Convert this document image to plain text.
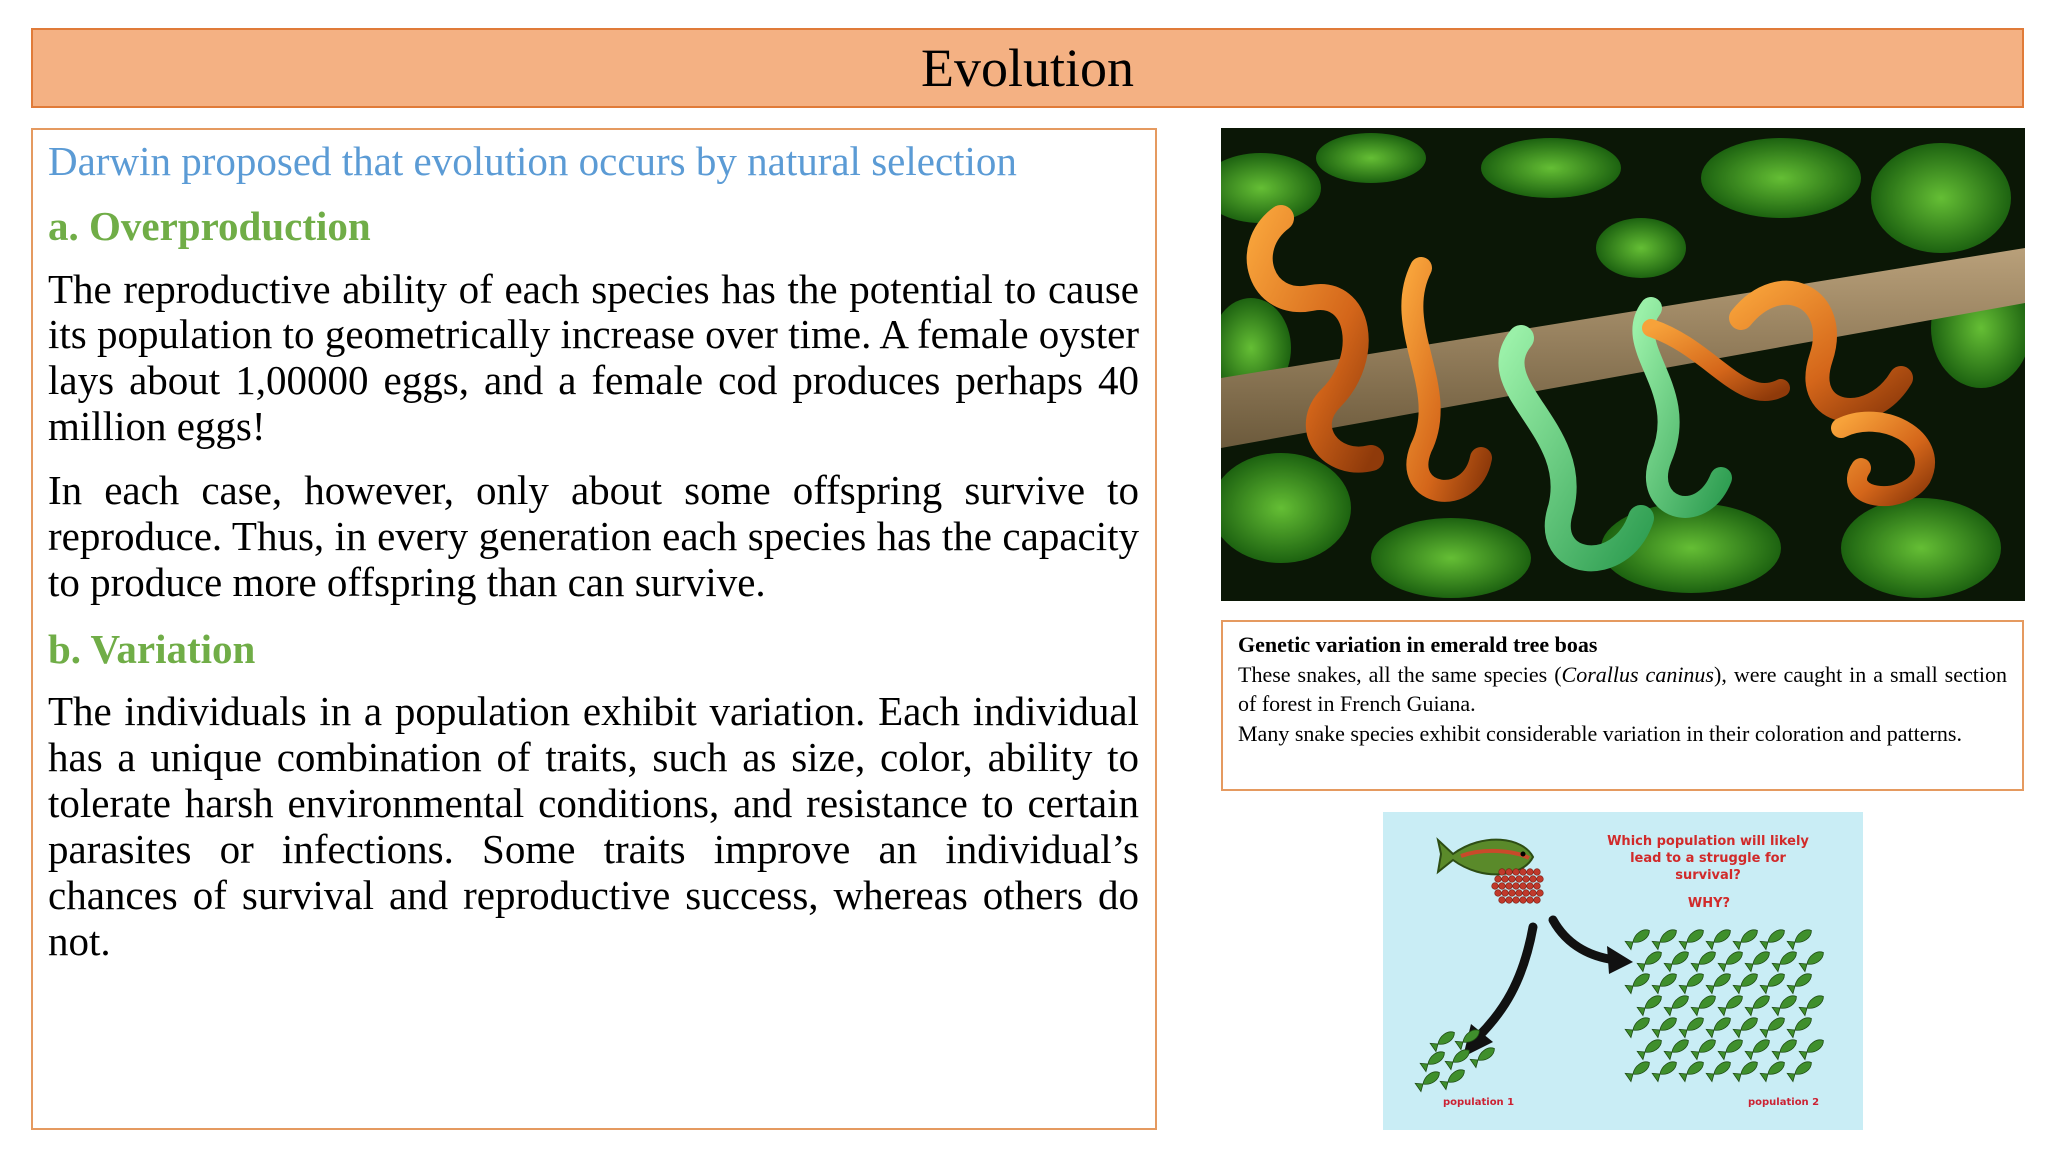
Evolution

Darwin proposed that evolution occurs by natural selection

a. Overproduction

The reproductive ability of each species has the potential to cause its population to geometrically increase over time. A female oyster lays about 1,00000 eggs, and a female cod produces perhaps 40 million eggs!

In each case, however, only about some offspring survive to reproduce. Thus, in every generation each species has the capacity to produce more offspring than can survive.

b. Variation

The individuals in a population exhibit variation. Each individual has a unique combination of traits, such as size, color, ability to tolerate harsh environmental conditions, and resistance to certain parasites or infections. Some traits improve an individual’s chances of survival and reproductive success, whereas others do not.

Genetic variation in emerald tree boas
These snakes, all the same species (Corallus caninus), were caught in a small section of forest in French Guiana.
Many snake species exhibit considerable variation in their coloration and patterns.
Which population will likely lead to a struggle for survival?
WHY?
population 1	population 2
